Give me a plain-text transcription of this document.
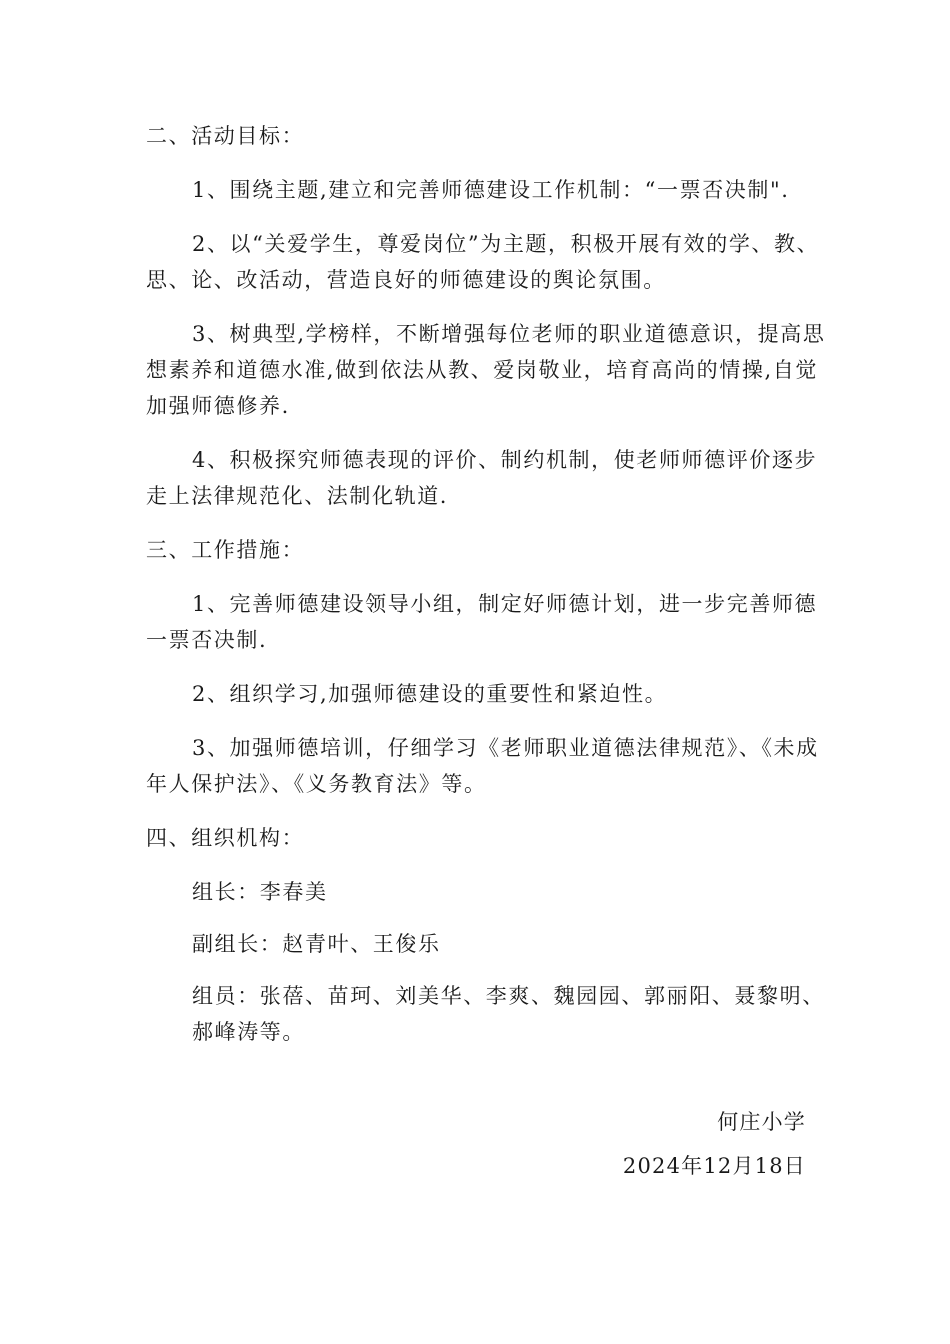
二、活动目标：

1、围绕主题,建立和完善师德建设工作机制：“一票否决制".

2、以“关爱学生，尊爱岗位”为主题，积极开展有效的学、教、思、论、改活动，营造良好的师德建设的舆论氛围。

3、树典型,学榜样，不断增强每位老师的职业道德意识，提高思想素养和道德水准,做到依法从教、爱岗敬业，培育高尚的情操,自觉加强师德修养.

4、积极探究师德表现的评价、制约机制，使老师师德评价逐步走上法律规范化、法制化轨道.

三、工作措施：

1、完善师德建设领导小组，制定好师德计划，进一步完善师德一票否决制.

2、组织学习,加强师德建设的重要性和紧迫性。

3、加强师德培训，仔细学习《老师职业道德法律规范》、《未成年人保护法》、《义务教育法》等。

四、组织机构：

组长：李春美

副组长：赵青叶、王俊乐

组员：张蓓、苗珂、刘美华、李爽、魏园园、郭丽阳、聂黎明、郝峰涛等。

何庄小学

2024年12月18日
